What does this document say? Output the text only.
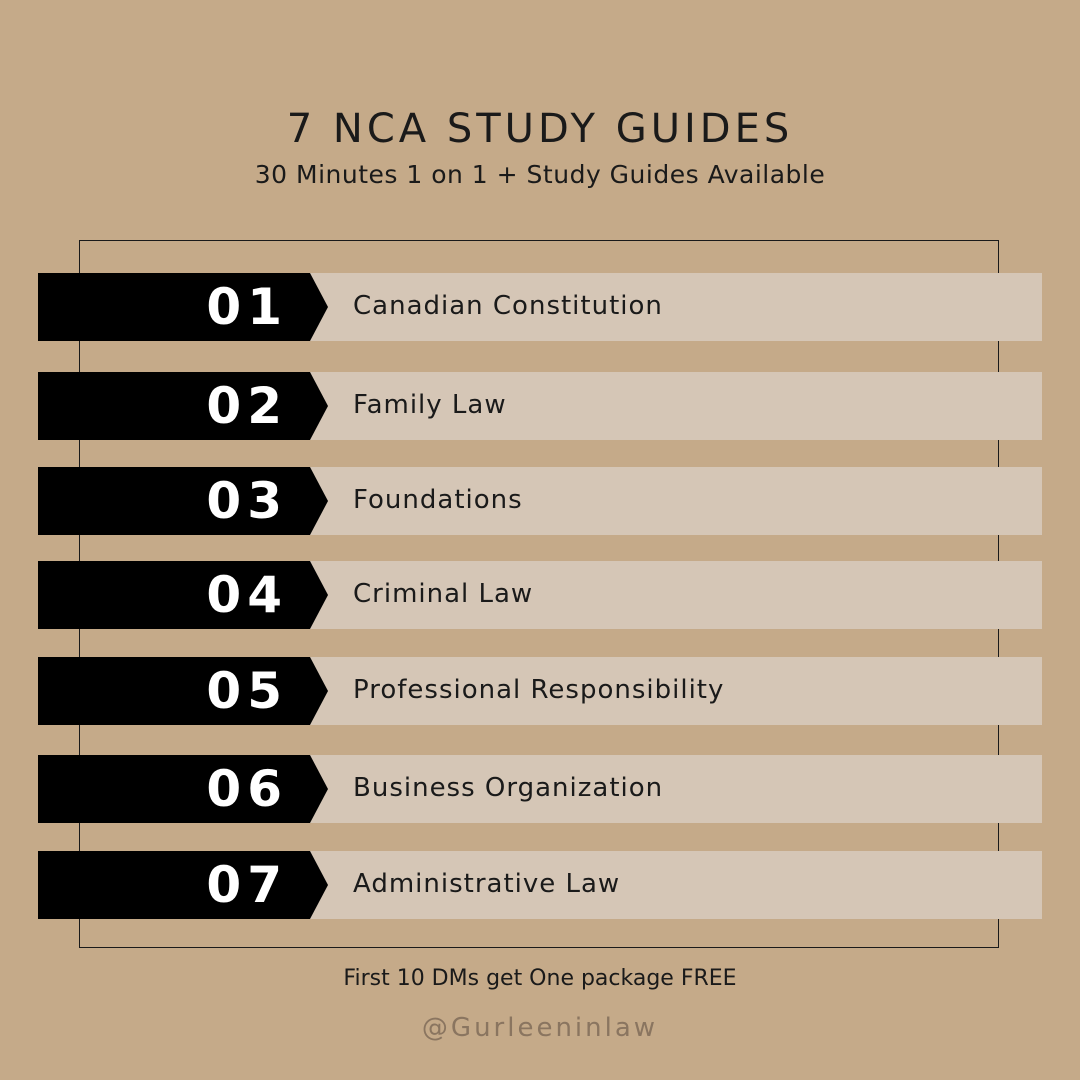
7 NCA STUDY GUIDES
30 Minutes 1 on 1 + Study Guides Available
01	Canadian Constitution
02	Family Law
03	Foundations
04	Criminal Law
05	Professional Responsibility
06	Business Organization
07	Administrative Law
First 10 DMs get One package FREE
@Gurleeninlaw
